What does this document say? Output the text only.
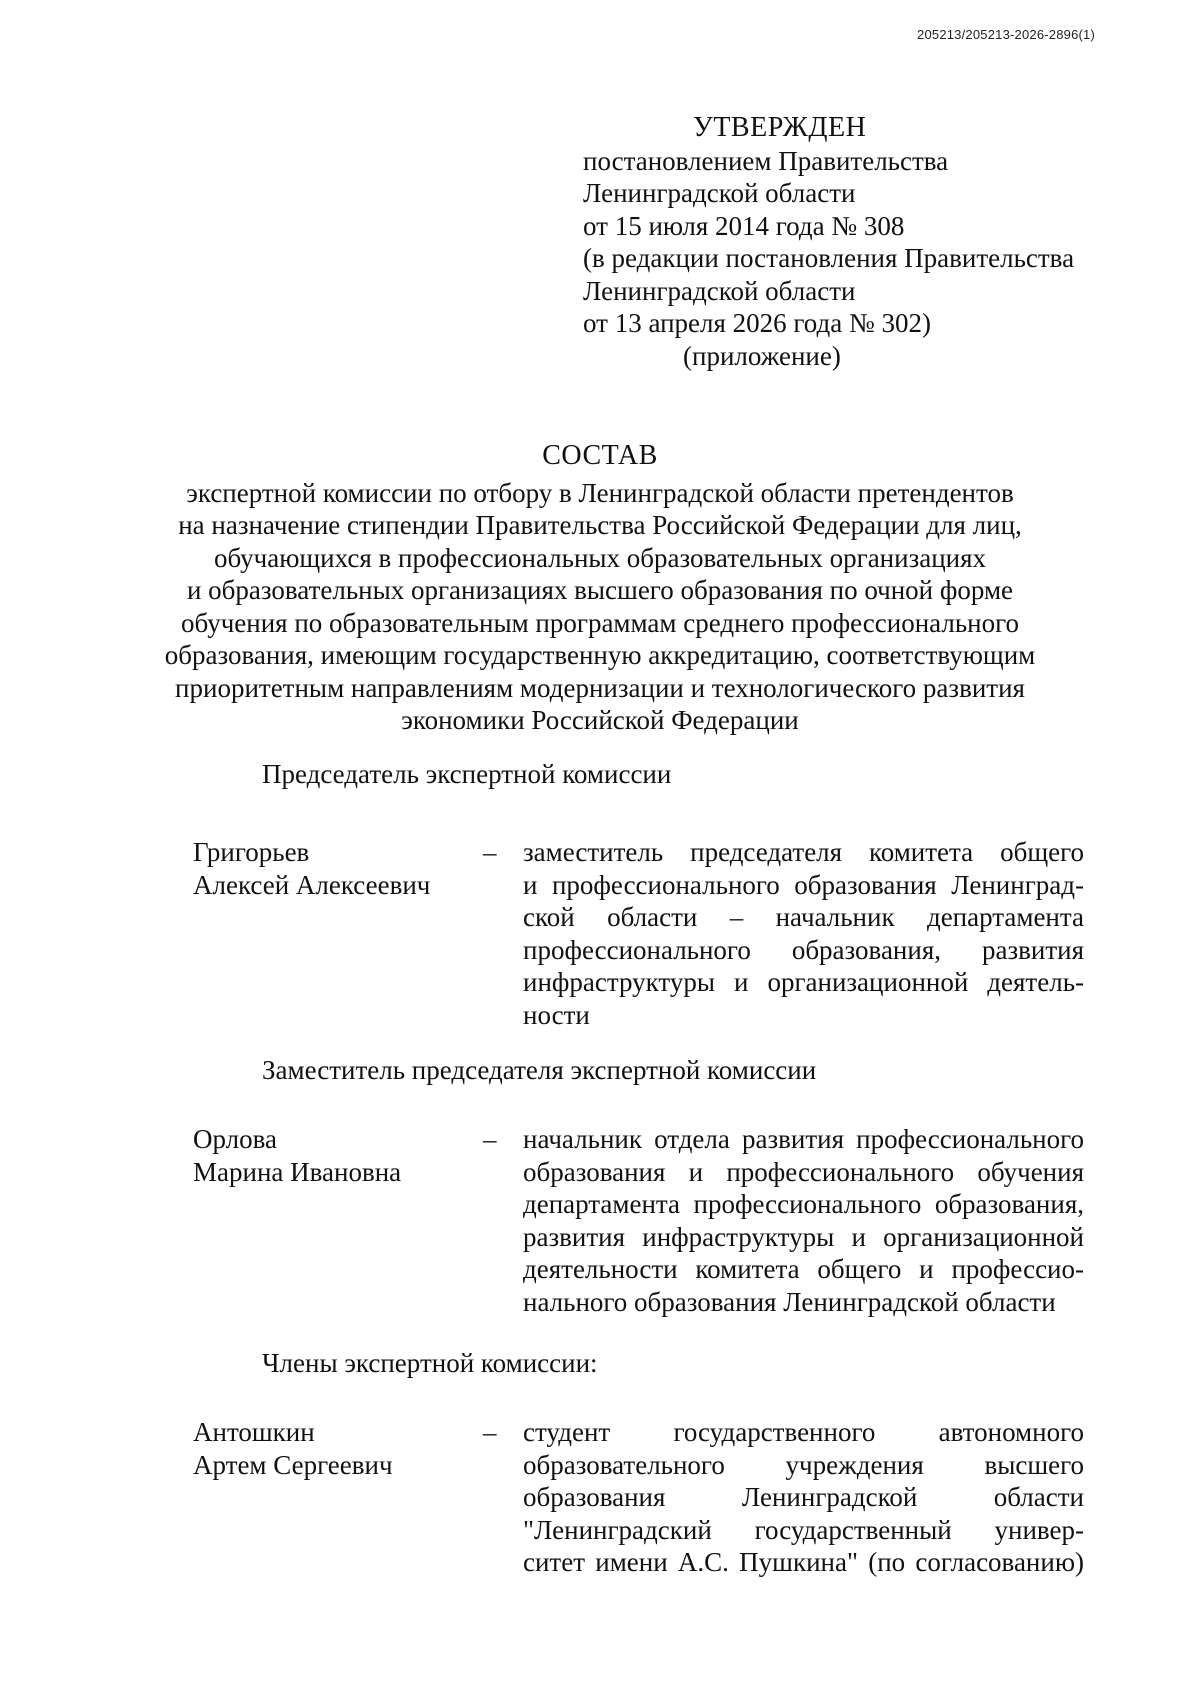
205213/205213-2026-2896(1)
УТВЕРЖДЕН
постановлением Правительства
Ленинградской области
от 15 июля 2014 года № 308
(в редакции постановления Правительства
Ленинградской области
от 13 апреля 2026 года № 302)
(приложение)
СОСТАВ
экспертной комиссии по отбору в Ленинградской области претендентов
на назначение стипендии Правительства Российской Федерации для лиц,
обучающихся в профессиональных образовательных организациях
и образовательных организациях высшего образования по очной форме
обучения по образовательным программам среднего профессионального
образования, имеющим государственную аккредитацию, соответствующим
приоритетным направлениям модернизации и технологического развития
экономики Российской Федерации
Председатель экспертной комиссии
Григорьев
Алексей Алексеевич
– заместитель председателя комитета общего
и профессионального образования Ленинград-
ской области – начальник департамента
профессионального образования, развития
инфраструктуры и организационной деятель-
ности
Заместитель председателя экспертной комиссии
Орлова
Марина Ивановна
– начальник отдела развития профессионального
образования и профессионального обучения
департамента профессионального образования,
развития инфраструктуры и организационной
деятельности комитета общего и профессио-
нального образования Ленинградской области
Члены экспертной комиссии:
Антошкин
Артем Сергеевич
– студент государственного автономного
образовательного учреждения высшего
образования Ленинградской области
"Ленинградский государственный универ-
ситет имени А.С. Пушкина" (по согласованию)
